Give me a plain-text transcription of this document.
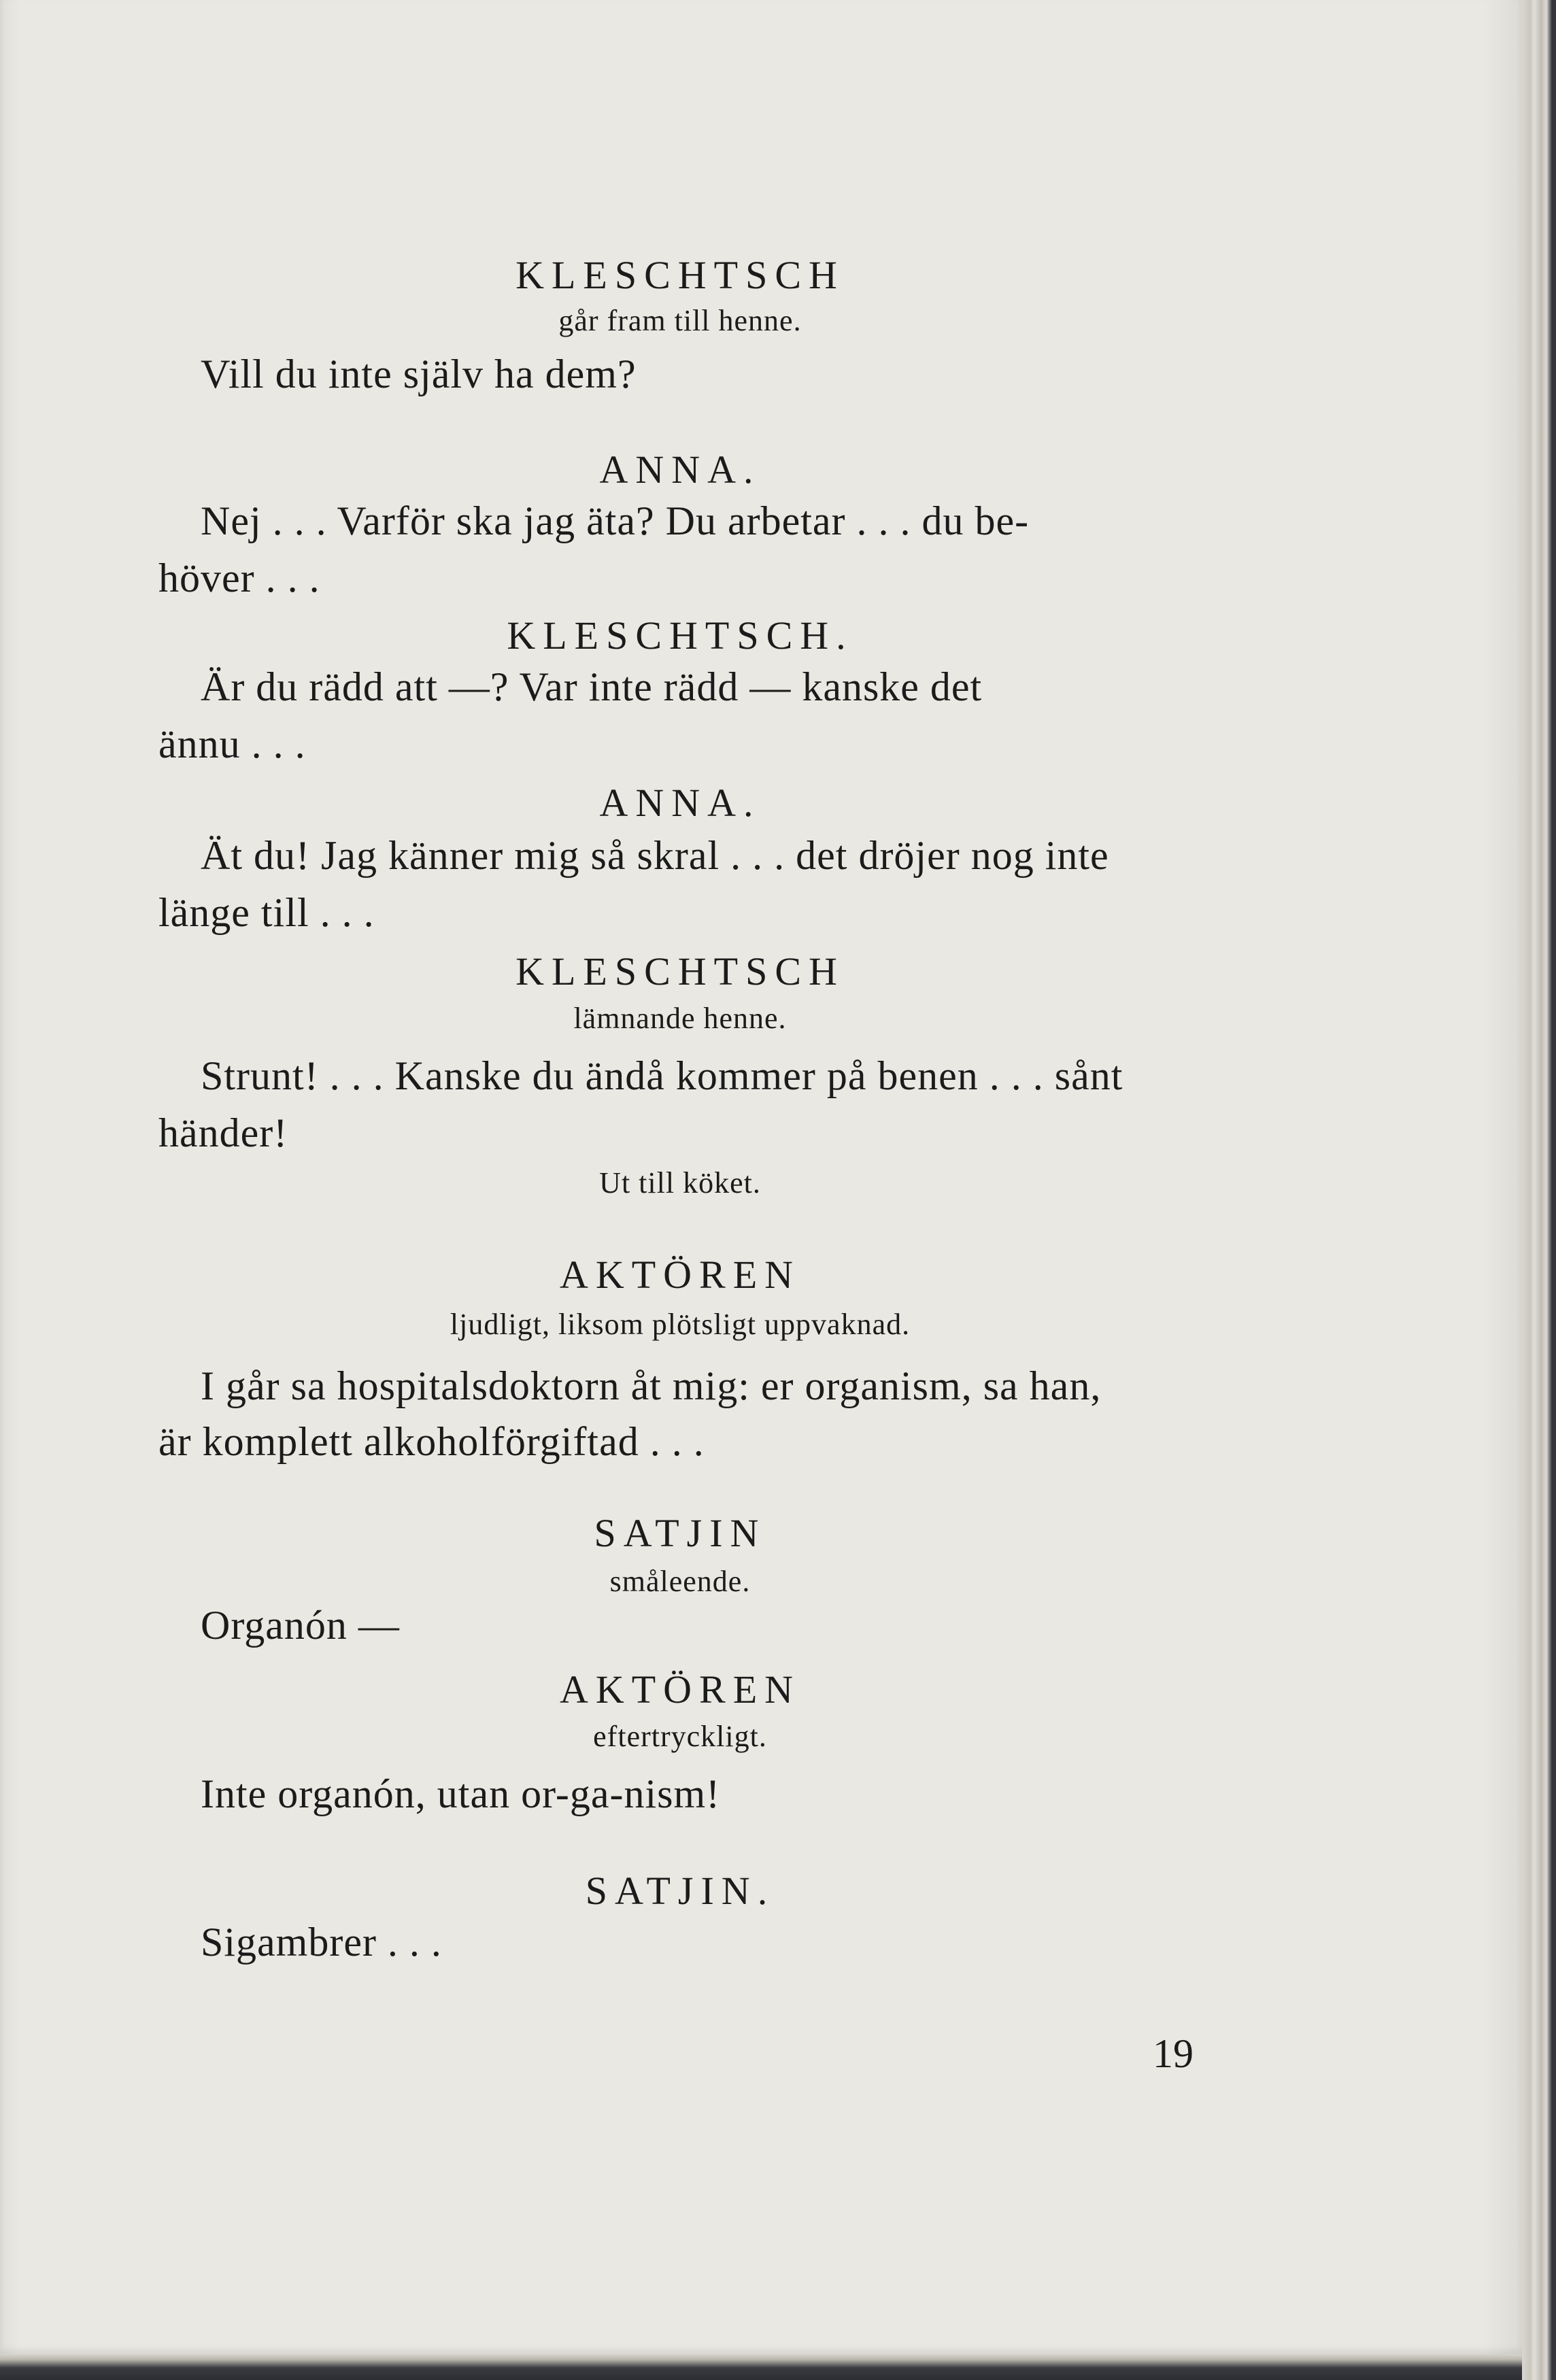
KLESCHTSCH
går fram till henne.
Vill du inte själv ha dem?
ANNA.
Nej . . . Varför ska jag äta? Du arbetar . . . du be-
höver . . .
KLESCHTSCH.
Är du rädd att —? Var inte rädd — kanske det
ännu . . .
ANNA.
Ät du! Jag känner mig så skral . . . det dröjer nog inte
länge till . . .
KLESCHTSCH
lämnande henne.
Strunt! . . . Kanske du ändå kommer på benen . . . sånt
händer!
Ut till köket.
AKTÖREN
ljudligt, liksom plötsligt uppvaknad.
I går sa hospitalsdoktorn åt mig: er organism, sa han,
är komplett alkoholförgiftad . . .
SATJIN
småleende.
Organón —
AKTÖREN
eftertryckligt.
Inte organón, utan or-ga-nism!
SATJIN.
Sigambrer . . .
19
